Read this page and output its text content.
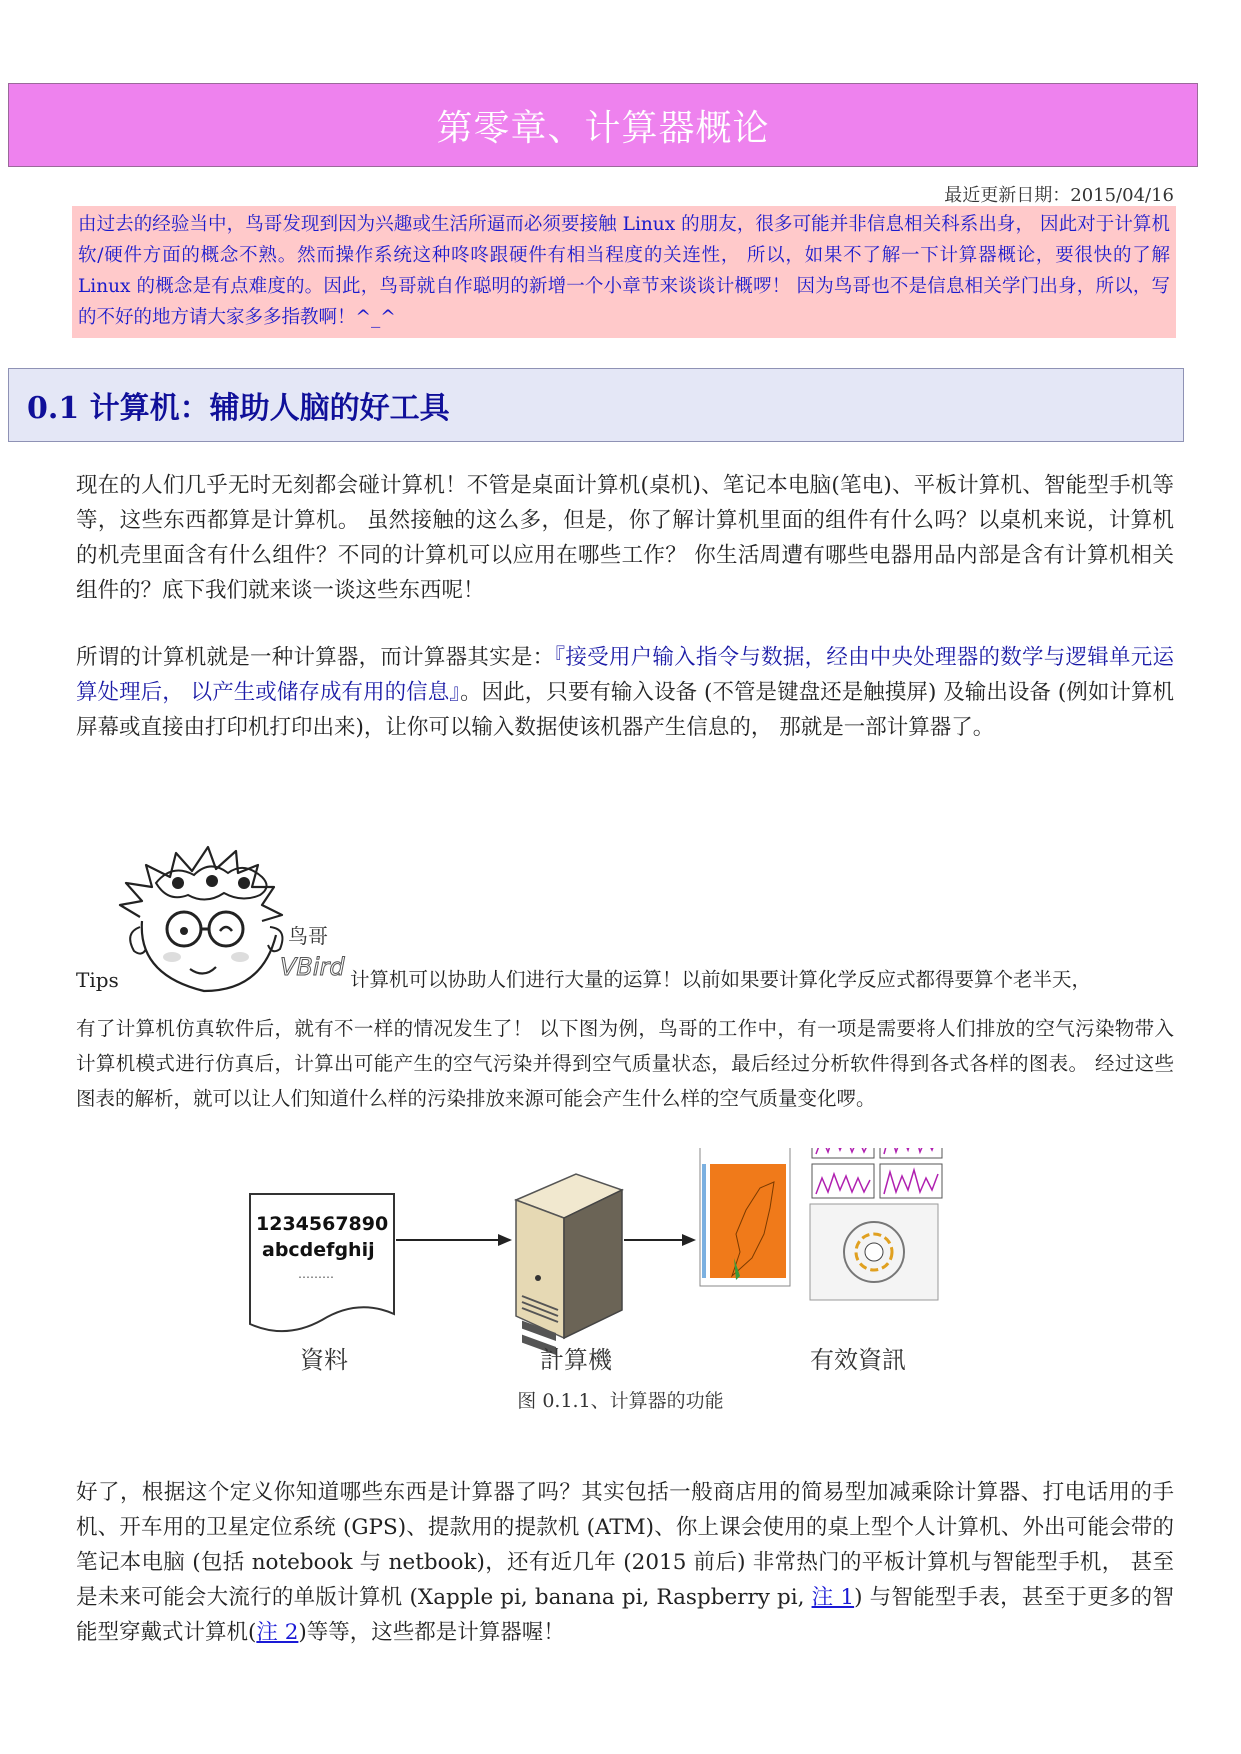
第零章、计算器概论
最近更新日期：2015/04/16
由过去的经验当中，鸟哥发现到因为兴趣或生活所逼而必须要接触 Linux 的朋友，很多可能并非信息相关科系出身， 因此对于计算机软/硬件方面的概念不熟。然而操作系统这种咚咚跟硬件有相当程度的关连性， 所以，如果不了解一下计算器概论，要很快的了解 Linux 的概念是有点难度的。因此，鸟哥就自作聪明的新增一个小章节来谈谈计概啰！ 因为鸟哥也不是信息相关学门出身，所以，写的不好的地方请大家多多指教啊！^_^
0.1 计算机：辅助人脑的好工具

现在的人们几乎无时无刻都会碰计算机！不管是桌面计算机(桌机)、笔记本电脑(笔电)、平板计算机、智能型手机等等，这些东西都算是计算机。 虽然接触的这么多，但是，你了解计算机里面的组件有什么吗？以桌机来说，计算机的机壳里面含有什么组件？不同的计算机可以应用在哪些工作？ 你生活周遭有哪些电器用品内部是含有计算机相关组件的？底下我们就来谈一谈这些东西呢！

所谓的计算机就是一种计算器，而计算器其实是：『接受用户输入指令与数据，经由中央处理器的数学与逻辑单元运算处理后， 以产生或储存成有用的信息』。因此，只要有输入设备 (不管是键盘还是触摸屏) 及输出设备 (例如计算机屏幕或直接由打印机打印出来)，让你可以输入数据使该机器产生信息的， 那就是一部计算器了。

Tips
鸟哥
VBird 计算机可以协助人们进行大量的运算！以前如果要计算化学反应式都得要算个老半天，

有了计算机仿真软件后，就有不一样的情况发生了！ 以下图为例，鸟哥的工作中，有一项是需要将人们排放的空气污染物带入计算机模式进行仿真后，计算出可能产生的空气污染并得到空气质量状态，最后经过分析软件得到各式各样的图表。 经过这些图表的解析，就可以让人们知道什么样的污染排放来源可能会产生什么样的空气质量变化啰。

1234567890
abcdefghij
………
資料	計算機	有效資訊
图 0.1.1、计算器的功能

好了，根据这个定义你知道哪些东西是计算器了吗？其实包括一般商店用的简易型加减乘除计算器、打电话用的手机、开车用的卫星定位系统 (GPS)、提款用的提款机 (ATM)、你上课会使用的桌上型个人计算机、外出可能会带的笔记本电脑 (包括 notebook 与 netbook)，还有近几年 (2015 前后) 非常热门的平板计算机与智能型手机， 甚至是未来可能会大流行的单版计算机 (Xapple pi, banana pi, Raspberry pi, 注 1) 与智能型手表，甚至于更多的智能型穿戴式计算机(注 2)等等，这些都是计算器喔！
